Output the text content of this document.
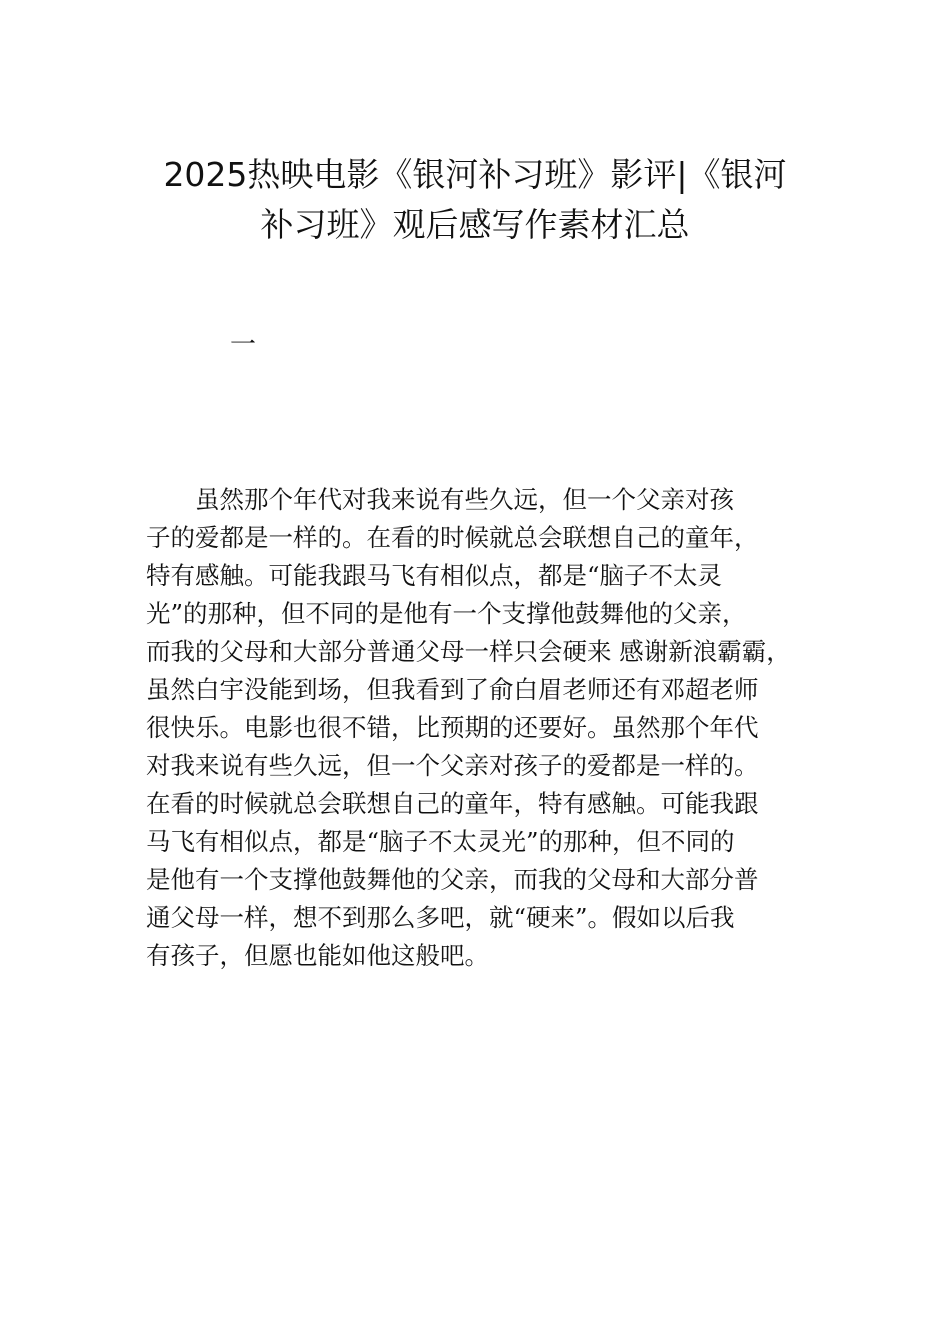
2025热映电影《银河补习班》影评|《银河
补习班》观后感写作素材汇总

一

　　虽然那个年代对我来说有些久远，但一个父亲对孩
子的爱都是一样的。在看的时候就总会联想自己的童年，
特有感触。可能我跟马飞有相似点，都是“脑子不太灵
光”的那种，但不同的是他有一个支撑他鼓舞他的父亲，
而我的父母和大部分普通父母一样只会硬来 感谢新浪霸霸，
虽然白宇没能到场，但我看到了俞白眉老师还有邓超老师
很快乐。电影也很不错，比预期的还要好。虽然那个年代
对我来说有些久远，但一个父亲对孩子的爱都是一样的。
在看的时候就总会联想自己的童年，特有感触。可能我跟
马飞有相似点，都是“脑子不太灵光”的那种，但不同的
是他有一个支撑他鼓舞他的父亲，而我的父母和大部分普
通父母一样，想不到那么多吧，就“硬来”。假如以后我
有孩子，但愿也能如他这般吧。
